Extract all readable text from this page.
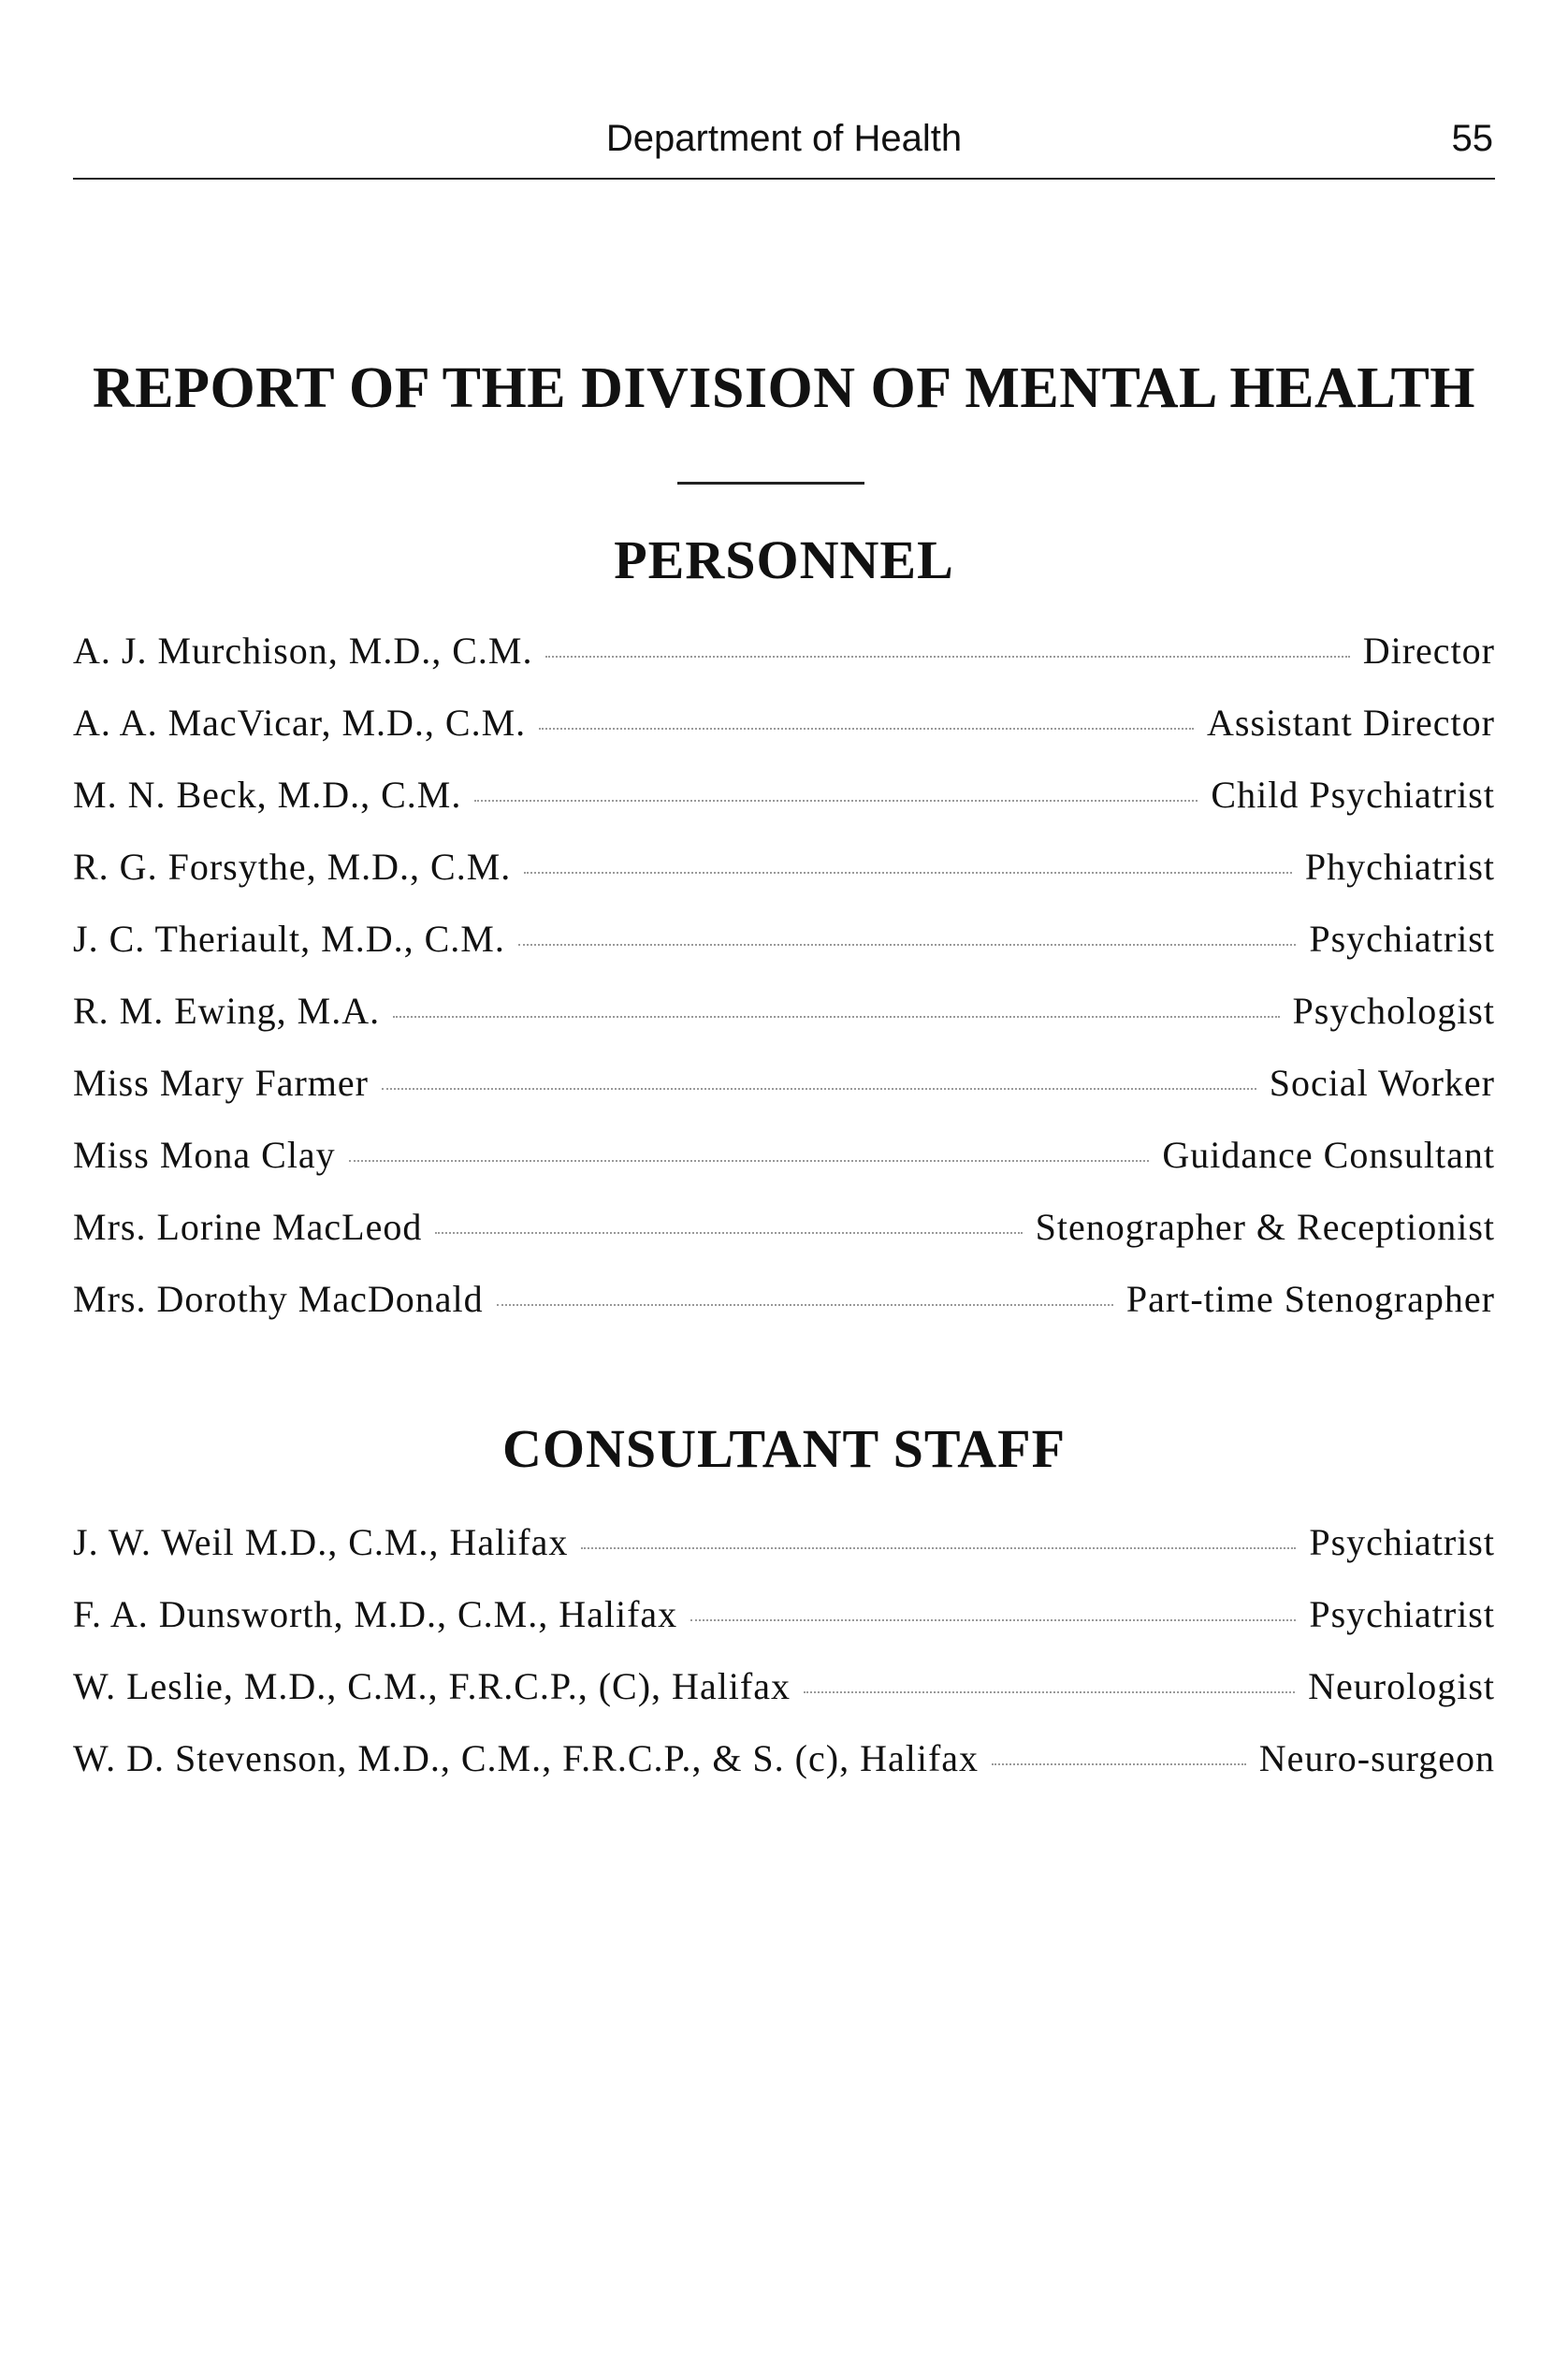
Department of Health	55
REPORT OF THE DIVISION OF MENTAL HEALTH
PERSONNEL
A. J. Murchison, M.D., C.M.	Director
A. A. MacVicar, M.D., C.M.	Assistant Director
M. N. Beck, M.D., C.M.	Child Psychiatrist
R. G. Forsythe, M.D., C.M.	Phychiatrist
J. C. Theriault, M.D., C.M.	Psychiatrist
R. M. Ewing, M.A.	Psychologist
Miss Mary Farmer	Social Worker
Miss Mona Clay	Guidance Consultant
Mrs. Lorine MacLeod	Stenographer & Receptionist
Mrs. Dorothy MacDonald	Part-time Stenographer
CONSULTANT STAFF
J. W. Weil M.D., C.M., Halifax	Psychiatrist
F. A. Dunsworth, M.D., C.M., Halifax	Psychiatrist
W. Leslie, M.D., C.M., F.R.C.P., (C), Halifax	Neurologist
W. D. Stevenson, M.D., C.M., F.R.C.P., & S. (c), Halifax	Neuro-surgeon
